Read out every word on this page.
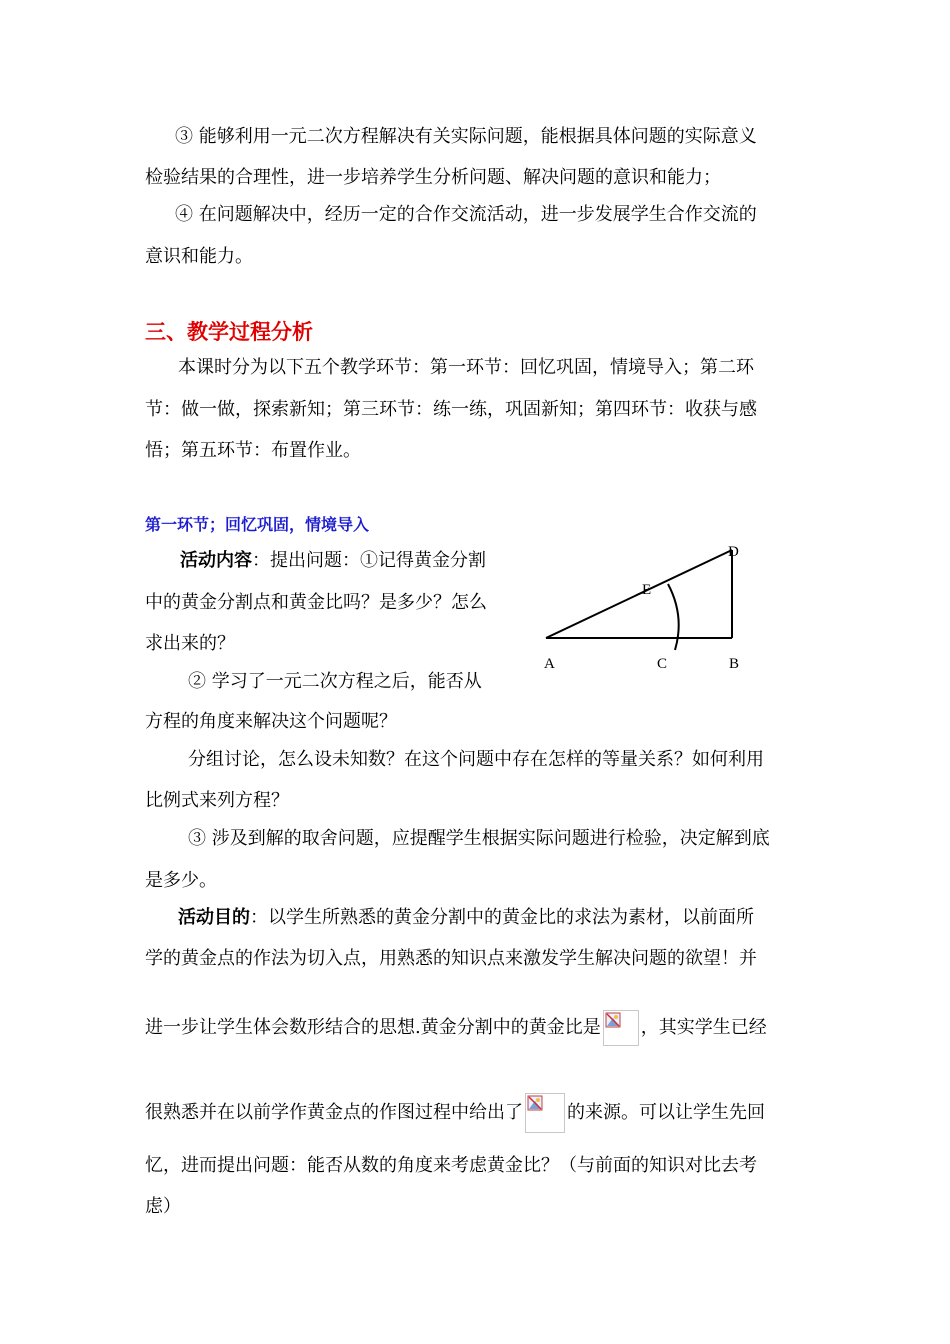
③ 能够利用一元二次方程解决有关实际问题，能根据具体问题的实际意义
检验结果的合理性，进一步培养学生分析问题、解决问题的意识和能力；
④ 在问题解决中，经历一定的合作交流活动，进一步发展学生合作交流的
意识和能力。
三、教学过程分析
本课时分为以下五个教学环节：第一环节：回忆巩固，情境导入；第二环
节：做一做，探索新知；第三环节：练一练，巩固新知；第四环节：收获与感
悟；第五环节：布置作业。
第一环节；回忆巩固，情境导入
活动内容：提出问题：①记得黄金分割
中的黄金分割点和黄金比吗？是多少？怎么
求出来的？
② 学习了一元二次方程之后，能否从
方程的角度来解决这个问题呢？
分组讨论，怎么设未知数？在这个问题中存在怎样的等量关系？如何利用
比例式来列方程？
③ 涉及到解的取舍问题，应提醒学生根据实际问题进行检验，决定解到底
是多少。
活动目的：以学生所熟悉的黄金分割中的黄金比的求法为素材，以前面所
学的黄金点的作法为切入点，用熟悉的知识点来激发学生解决问题的欲望！并
进一步让学生体会数形结合的思想.黄金分割中的黄金比是 ，其实学生已经
很熟悉并在以前学作黄金点的作图过程中给出了 的来源。可以让学生先回
忆，进而提出问题：能否从数的角度来考虑黄金比？（与前面的知识对比去考
虑）
A	C	B
D
E
